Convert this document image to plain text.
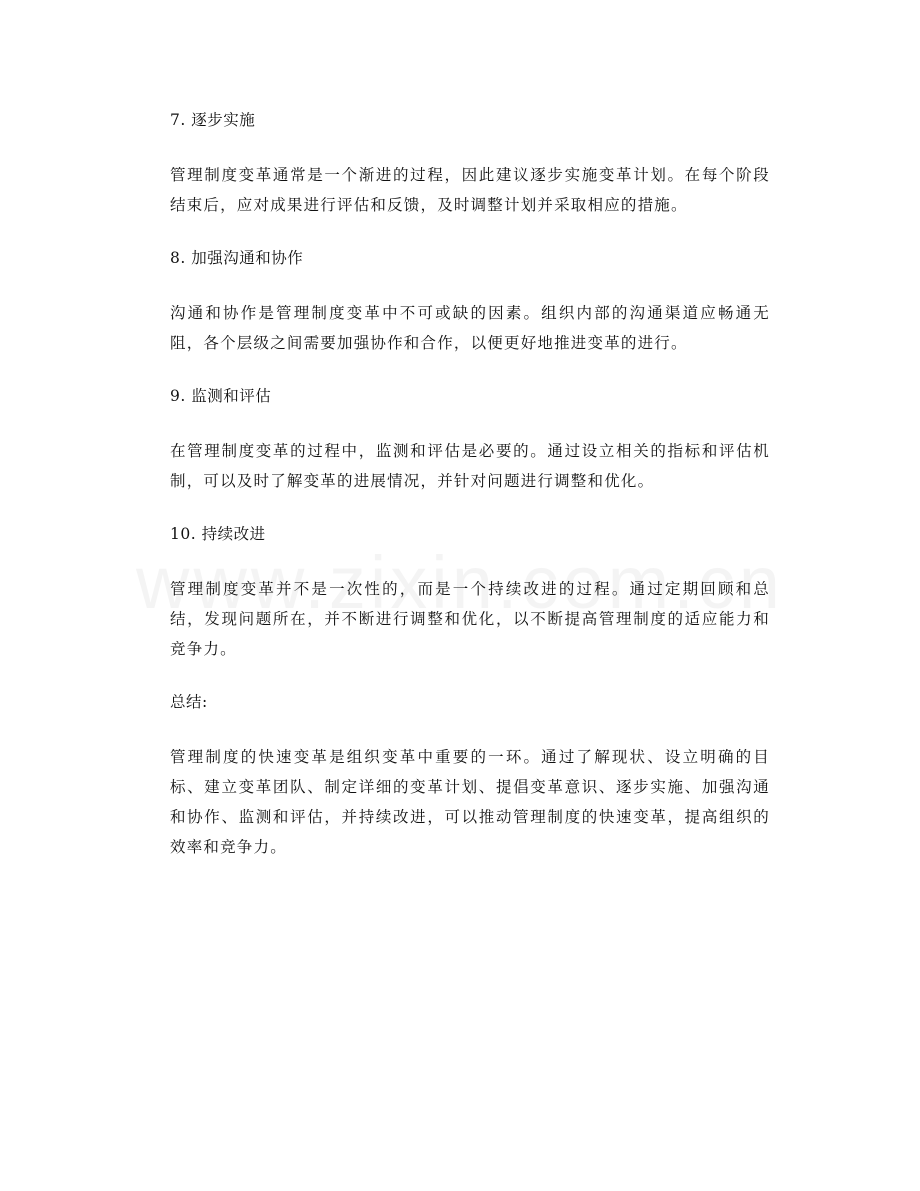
7. 逐步实施
管理制度变革通常是一个渐进的过程，因此建议逐步实施变革计划。在每个阶段结束后，应对成果进行评估和反馈，及时调整计划并采取相应的措施。
8. 加强沟通和协作
沟通和协作是管理制度变革中不可或缺的因素。组织内部的沟通渠道应畅通无阻，各个层级之间需要加强协作和合作，以便更好地推进变革的进行。
9. 监测和评估
在管理制度变革的过程中，监测和评估是必要的。通过设立相关的指标和评估机制，可以及时了解变革的进展情况，并针对问题进行调整和优化。
10. 持续改进
管理制度变革并不是一次性的，而是一个持续改进的过程。通过定期回顾和总结，发现问题所在，并不断进行调整和优化，以不断提高管理制度的适应能力和竞争力。
总结:
管理制度的快速变革是组织变革中重要的一环。通过了解现状、设立明确的目标、建立变革团队、制定详细的变革计划、提倡变革意识、逐步实施、加强沟通和协作、监测和评估，并持续改进，可以推动管理制度的快速变革，提高组织的效率和竞争力。
